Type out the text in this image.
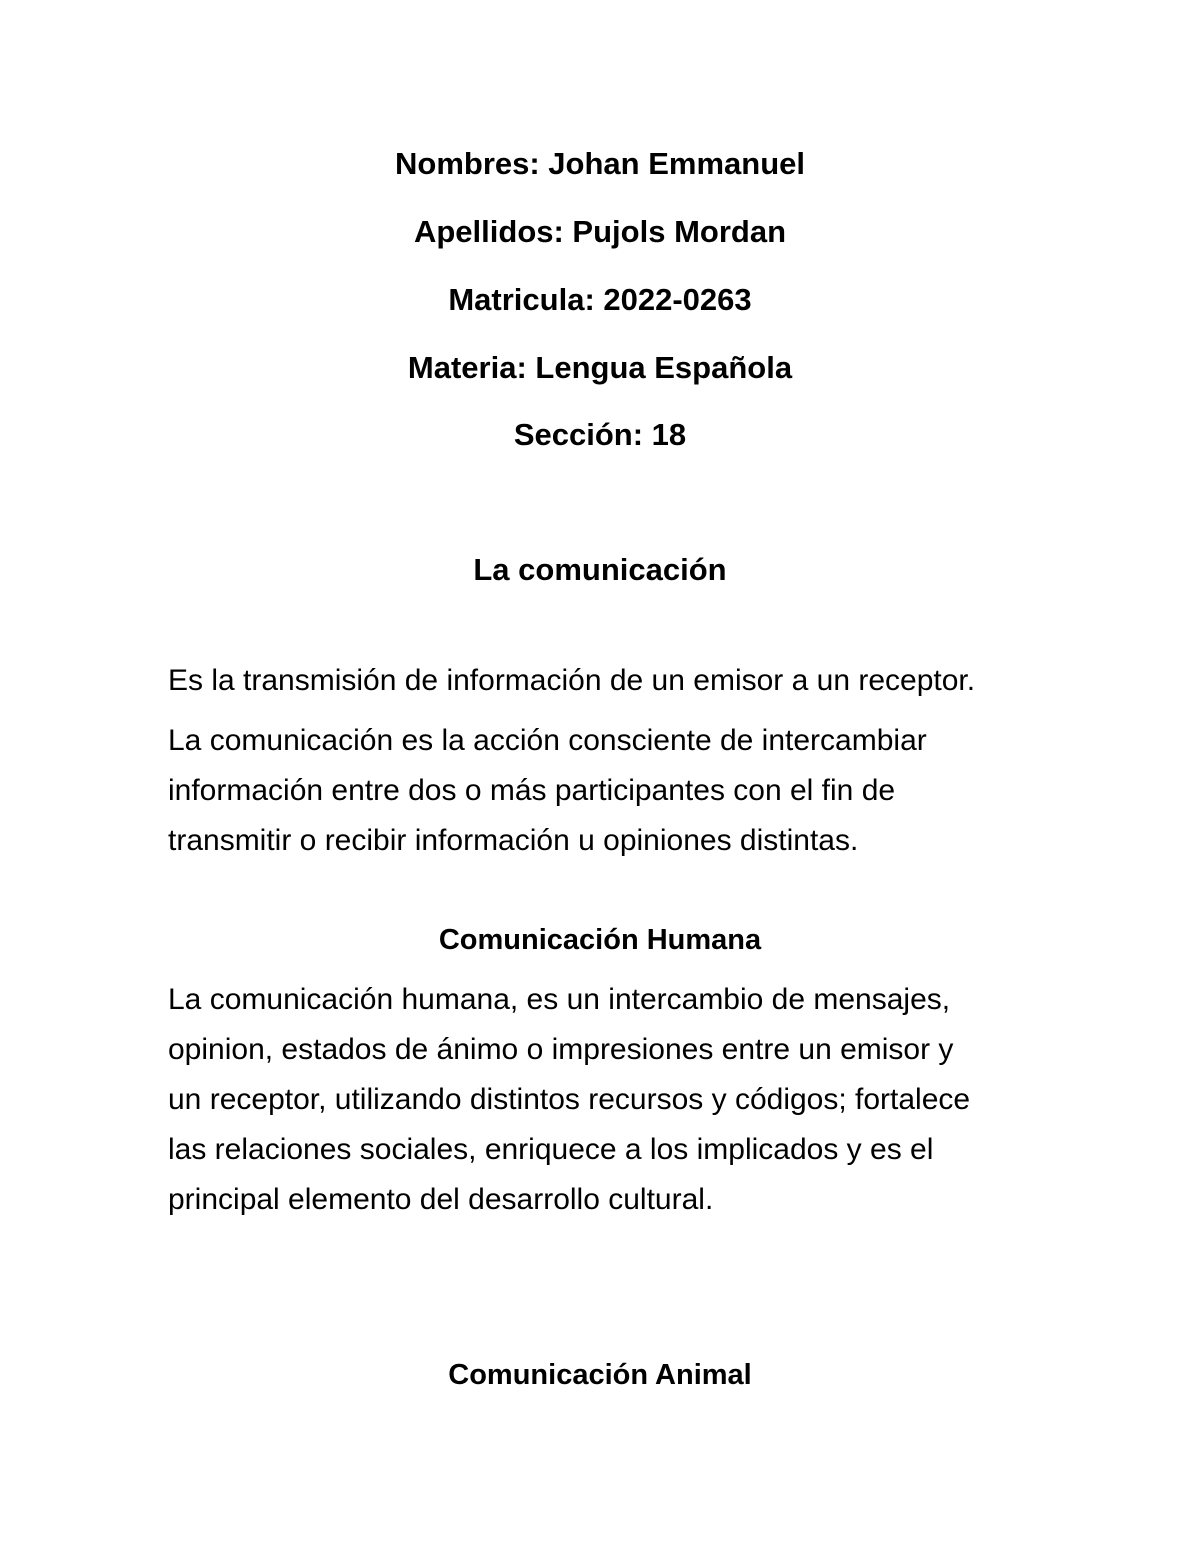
Nombres: Johan Emmanuel
Apellidos: Pujols Mordan
Matricula: 2022-0263
Materia: Lengua Española
Sección: 18
La comunicación
Es la transmisión de información de un emisor a un receptor.
La comunicación es la acción consciente de intercambiar
información entre dos o más participantes con el fin de
transmitir o recibir información u opiniones distintas.
Comunicación Humana
La comunicación humana, es un intercambio de mensajes,
opinion, estados de ánimo o impresiones entre un emisor y
un receptor, utilizando distintos recursos y códigos; fortalece
las relaciones sociales, enriquece a los implicados y es el
principal elemento del desarrollo cultural.
Comunicación Animal
